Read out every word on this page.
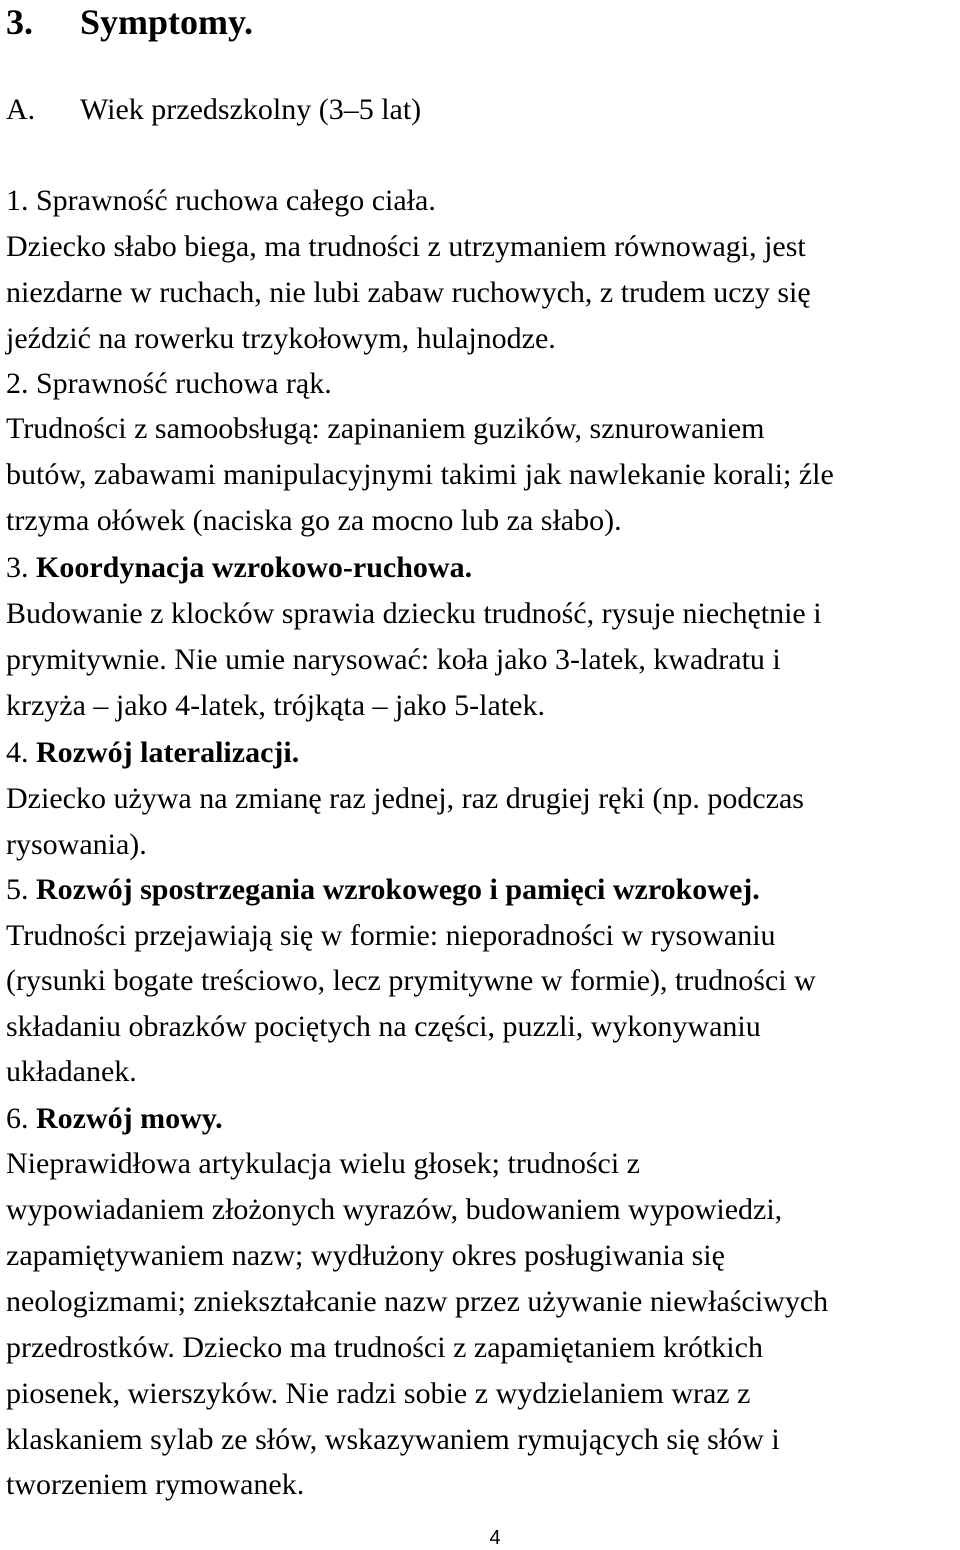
3. Symptomy.
A. Wiek przedszkolny (3–5 lat)
1. Sprawność ruchowa całego ciała.
Dziecko słabo biega, ma trudności z utrzymaniem równowagi, jest
niezdarne w ruchach, nie lubi zabaw ruchowych, z trudem uczy się
jeździć na rowerku trzykołowym, hulajnodze.
2. Sprawność ruchowa rąk.
Trudności z samoobsługą: zapinaniem guzików, sznurowaniem
butów, zabawami manipulacyjnymi takimi jak nawlekanie korali; źle
trzyma ołówek (naciska go za mocno lub za słabo).
3. Koordynacja wzrokowo-ruchowa.
Budowanie z klocków sprawia dziecku trudność, rysuje niechętnie i
prymitywnie. Nie umie narysować: koła jako 3-latek, kwadratu i
krzyża – jako 4-latek, trójkąta – jako 5-latek.
4. Rozwój lateralizacji.
Dziecko używa na zmianę raz jednej, raz drugiej ręki (np. podczas
rysowania).
5. Rozwój spostrzegania wzrokowego i pamięci wzrokowej.
Trudności przejawiają się w formie: nieporadności w rysowaniu
(rysunki bogate treściowo, lecz prymitywne w formie), trudności w
składaniu obrazków pociętych na części, puzzli, wykonywaniu
układanek.
6. Rozwój mowy.
Nieprawidłowa artykulacja wielu głosek; trudności z
wypowiadaniem złożonych wyrazów, budowaniem wypowiedzi,
zapamiętywaniem nazw; wydłużony okres posługiwania się
neologizmami; zniekształcanie nazw przez używanie niewłaściwych
przedrostków. Dziecko ma trudności z zapamiętaniem krótkich
piosenek, wierszyków. Nie radzi sobie z wydzielaniem wraz z
klaskaniem sylab ze słów, wskazywaniem rymujących się słów i
tworzeniem rymowanek.
4
